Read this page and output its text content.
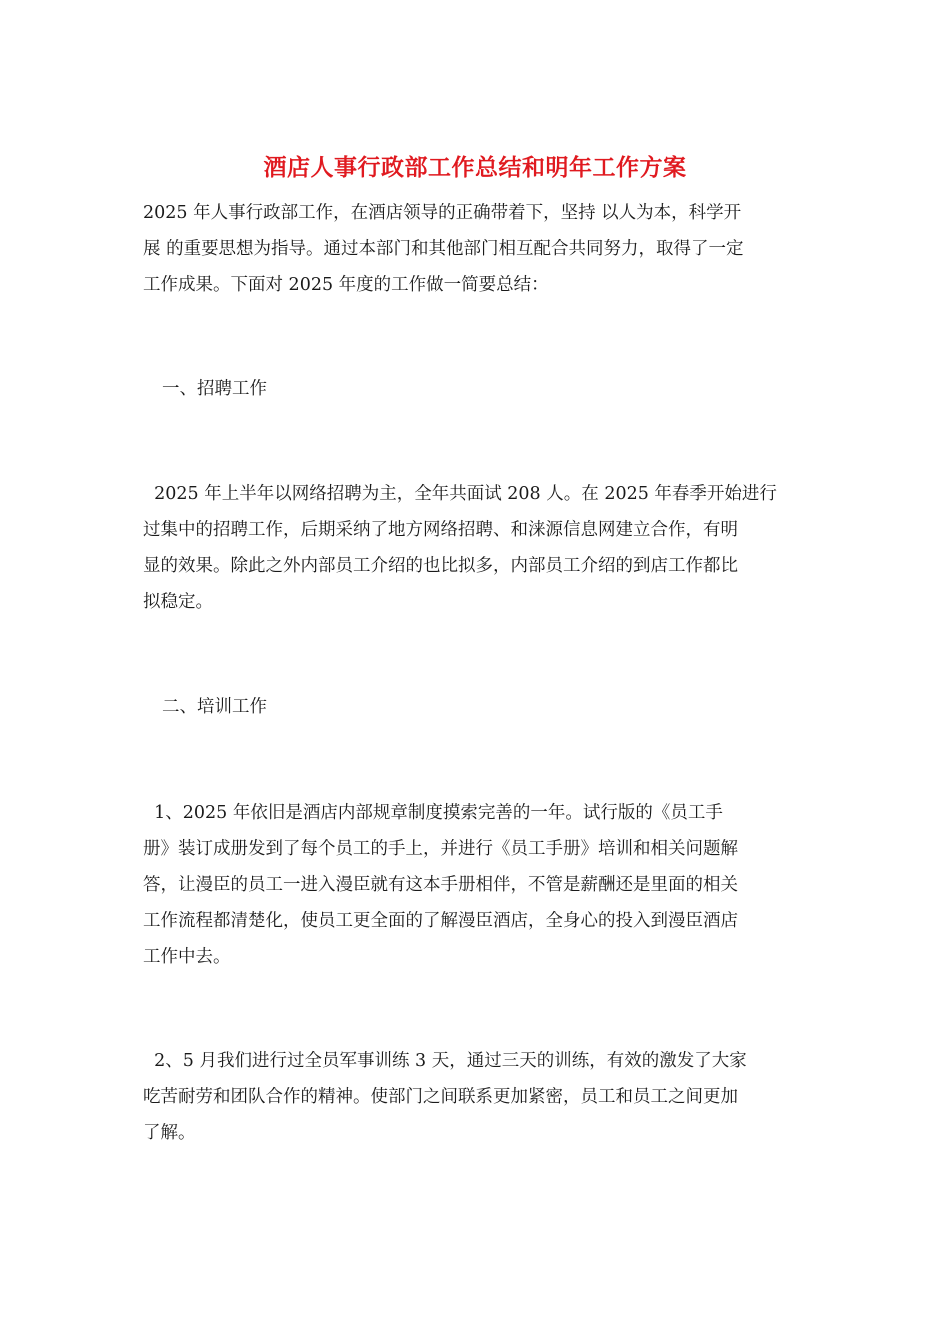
酒店人事行政部工作总结和明年工作方案

2025 年人事行政部工作，在酒店领导的正确带着下，坚持 以人为本，科学开
展 的重要思想为指导。通过本部门和其他部门相互配合共同努力，取得了一定
工作成果。下面对 2025 年度的工作做一简要总结：

一、招聘工作

2025 年上半年以网络招聘为主，全年共面试 208 人。在 2025 年春季开始进行
过集中的招聘工作，后期采纳了地方网络招聘、和涞源信息网建立合作，有明
显的效果。除此之外内部员工介绍的也比拟多，内部员工介绍的到店工作都比
拟稳定。

二、培训工作

1、2025 年依旧是酒店内部规章制度摸索完善的一年。试行版的《员工手
册》装订成册发到了每个员工的手上，并进行《员工手册》培训和相关问题解
答，让漫臣的员工一进入漫臣就有这本手册相伴，不管是薪酬还是里面的相关
工作流程都清楚化，使员工更全面的了解漫臣酒店，全身心的投入到漫臣酒店
工作中去。

2、5 月我们进行过全员军事训练 3 天，通过三天的训练，有效的激发了大家
吃苦耐劳和团队合作的精神。使部门之间联系更加紧密，员工和员工之间更加
了解。
